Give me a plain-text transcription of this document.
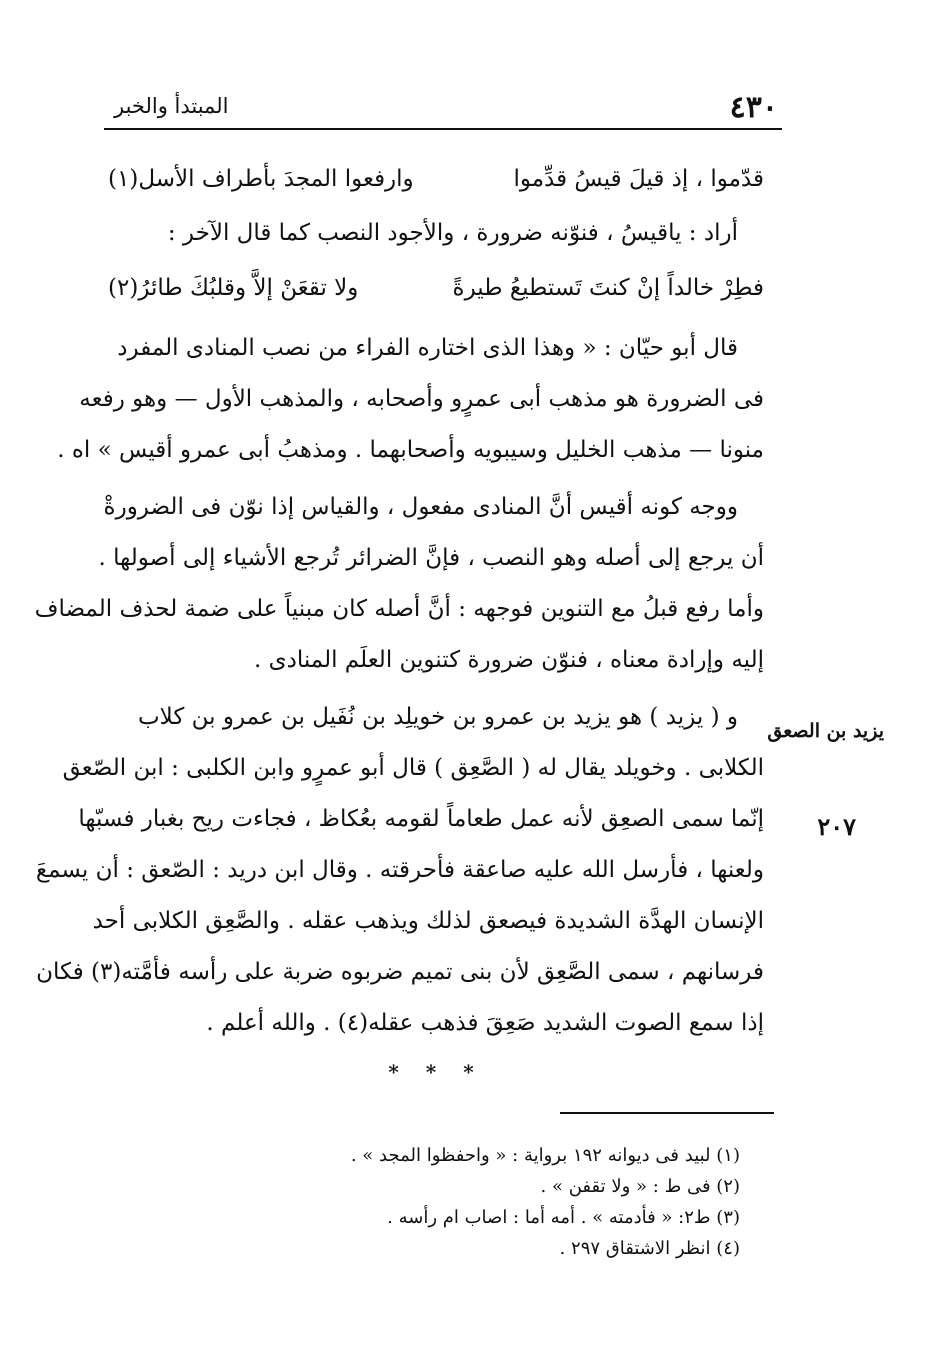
٤٣٠
المبتدأ والخبر
قدّموا ، إذ قيلَ قيسُ قدِّموا
وارفعوا المجدَ بأطراف الأسل(١)
أراد : ياقيسُ ، فنوّنه ضرورة ، والأجود النصب كما قال الآخر :
فطِرْ خالداً إنْ كنتَ تَستطيعُ طيرةً
ولا تقعَنْ إلاَّ وقلبُكَ طائرُ(٢)
قال أبو حيّان : « وهذا الذى اختاره الفراء من نصب المنادى المفرد
فى الضرورة هو مذهب أبى عمرٍو وأصحابه ، والمذهب الأول — وهو رفعه
منونا — مذهب الخليل وسيبويه وأصحابهما . ومذهبُ أبى عمرو أقيس » اه .
ووجه كونه أقيس أنَّ المنادى مفعول ، والقياس إذا نوّن فى الضرورةْ
أن يرجع إلى أصله وهو النصب ، فإنَّ الضرائر تُرجع الأشياء إلى أصولها .
وأما رفع قبلُ مع التنوين فوجهه : أنَّ أصله كان مبنياً على ضمة لحذف المضاف
إليه وإرادة معناه ، فنوّن ضرورة كتنوين العلَم المنادى .
و ( يزيد ) هو يزيد بن عمرو بن خويلِد بن نُفَيل بن عمرو بن كلاب
الكلابى . وخويلد يقال له ( الصَّعِق ) قال أبو عمرٍو وابن الكلبى : ابن الصّعق
إنّما سمى الصعِق لأنه عمل طعاماً لقومه بعُكاظ ، فجاءت ريح بغبار فسبّها
ولعنها ، فأرسل الله عليه صاعقة فأحرقته . وقال ابن دريد : الصّعق : أن يسمعَ
الإنسان الهدَّة الشديدة فيصعق لذلك ويذهب عقله . والصَّعِق الكلابى أحد
فرسانهم ، سمى الصَّعِق لأن بنى تميم ضربوه ضربة على رأسه فأمَّته(٣) فكان
إذا سمع الصوت الشديد صَعِقَ فذهب عقله(٤) . والله أعلم .
* * *
يزيد بن الصعق
٢٠٧
(١) لبيد فى ديوانه ١٩٢ برواية : « واحفظوا المجد » .
(٢) فى ط : « ولا تقفن » .
(٣) ط٢: « فأدمته » . أمه أما : اصاب ام رأسه .
(٤) انظر الاشتقاق ٢٩٧ .
